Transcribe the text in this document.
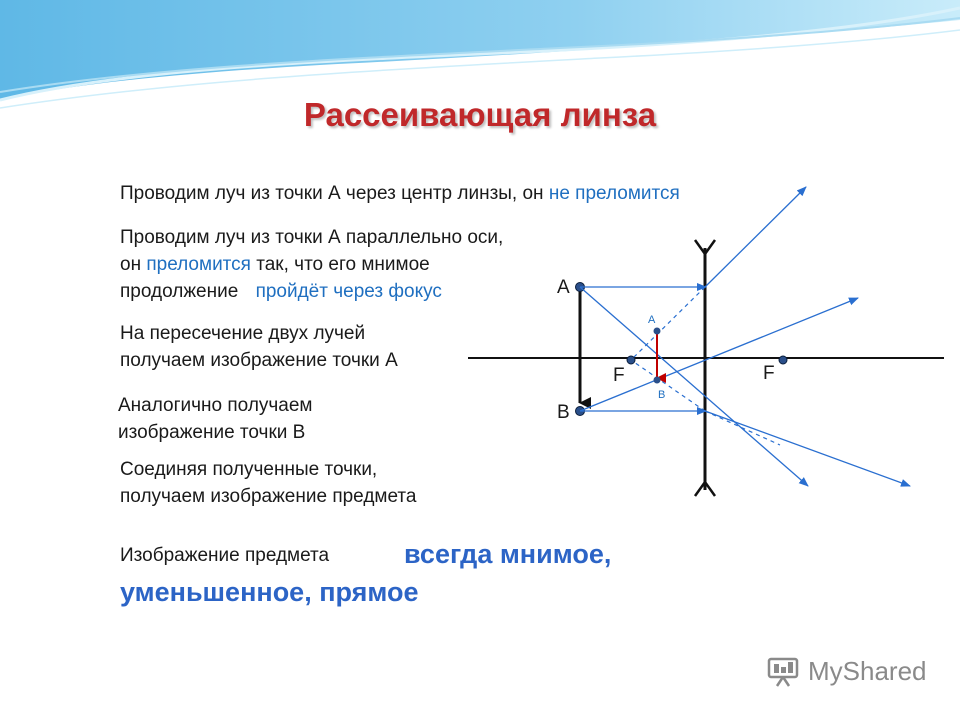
Рассеивающая линза
Проводим луч из точки А через центр линзы, он не преломится
Проводим луч из точки А параллельно оси,
он преломится так, что его мнимое
продолжение пройдёт через фокус
На пересечение двух лучей
получаем изображение точки А
Аналогично получаем
изображение точки В
Соединяя полученные точки,
получаем изображение предмета
Изображение предмета	всегда мнимое,
уменьшенное, прямое
А
В
А
В
F	F
MyShared
